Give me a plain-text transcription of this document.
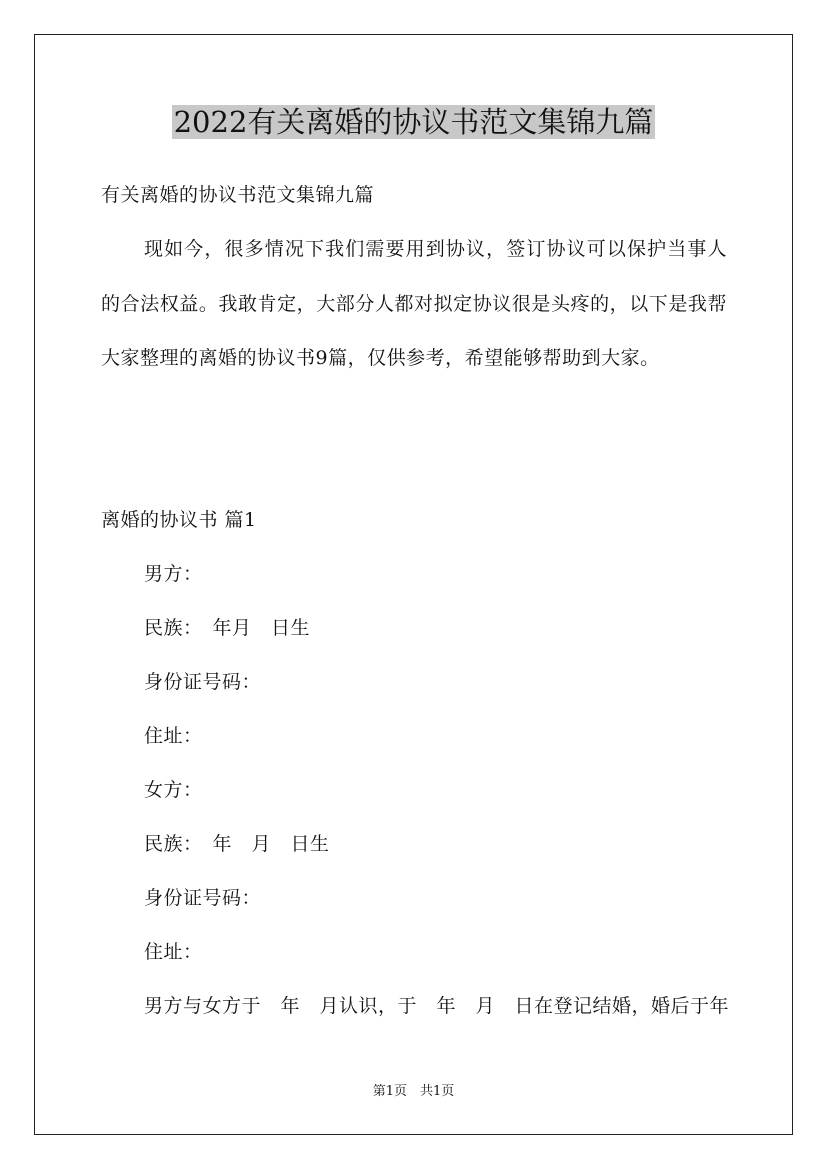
2022有关离婚的协议书范文集锦九篇
有关离婚的协议书范文集锦九篇
现如今，很多情况下我们需要用到协议，签订协议可以保护当事人的合法权益。我敢肯定，大部分人都对拟定协议很是头疼的，以下是我帮大家整理的离婚的协议书9篇，仅供参考，希望能够帮助到大家。
离婚的协议书 篇1
男方：
民族：　年月　日生
身份证号码：
住址：
女方：
民族：　年　月　日生
身份证号码：
住址：
男方与女方于　年　月认识，于　年　月　日在登记结婚，婚后于年
第1页　共1页
